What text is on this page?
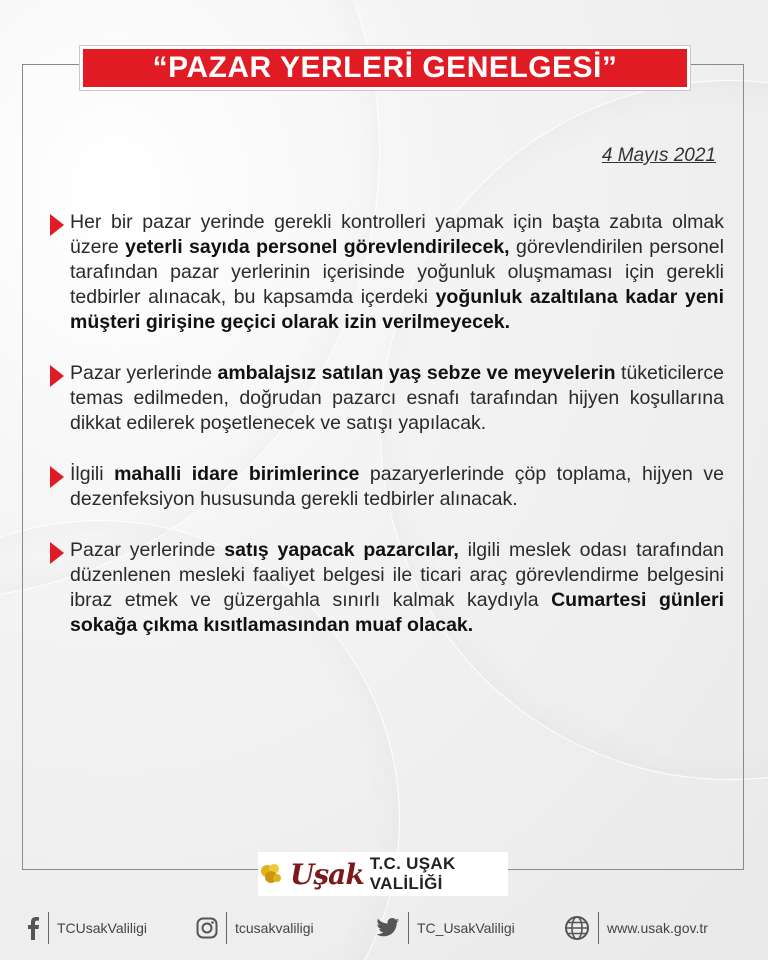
“PAZAR YERLERİ GENELGESİ”
4 Mayıs 2021

Her bir pazar yerinde gerekli kontrolleri yapmak için başta zabıta olmak üzere yeterli sayıda personel görevlendirilecek, görevlendirilen personel tarafından pazar yerlerinin içerisinde yoğunluk oluşmaması için gerekli tedbirler alınacak, bu kapsamda içerdeki yoğunluk azaltılana kadar yeni müşteri girişine geçici olarak izin verilmeyecek.

Pazar yerlerinde ambalajsız satılan yaş sebze ve meyvelerin tüketicilerce temas edilmeden, doğrudan pazarcı esnafı tarafından hijyen koşullarına dikkat edilerek poşetlenecek ve satışı yapılacak.

İlgili mahalli idare birimlerince pazaryerlerinde çöp toplama, hijyen ve dezenfeksiyon hususunda gerekli tedbirler alınacak.

Pazar yerlerinde satış yapacak pazarcılar, ilgili meslek odası tarafından düzenlenen mesleki faaliyet belgesi ile ticari araç görevlendirme belgesini ibraz etmek ve güzergahla sınırlı kalmak kaydıyla Cumartesi günleri sokağa çıkma kısıtlamasından muaf olacak.

Uşak T.C. UŞAK VALİLİĞİ
TCUsakValiligi	tcusakvaliligi	TC_UsakValiligi	www.usak.gov.tr
